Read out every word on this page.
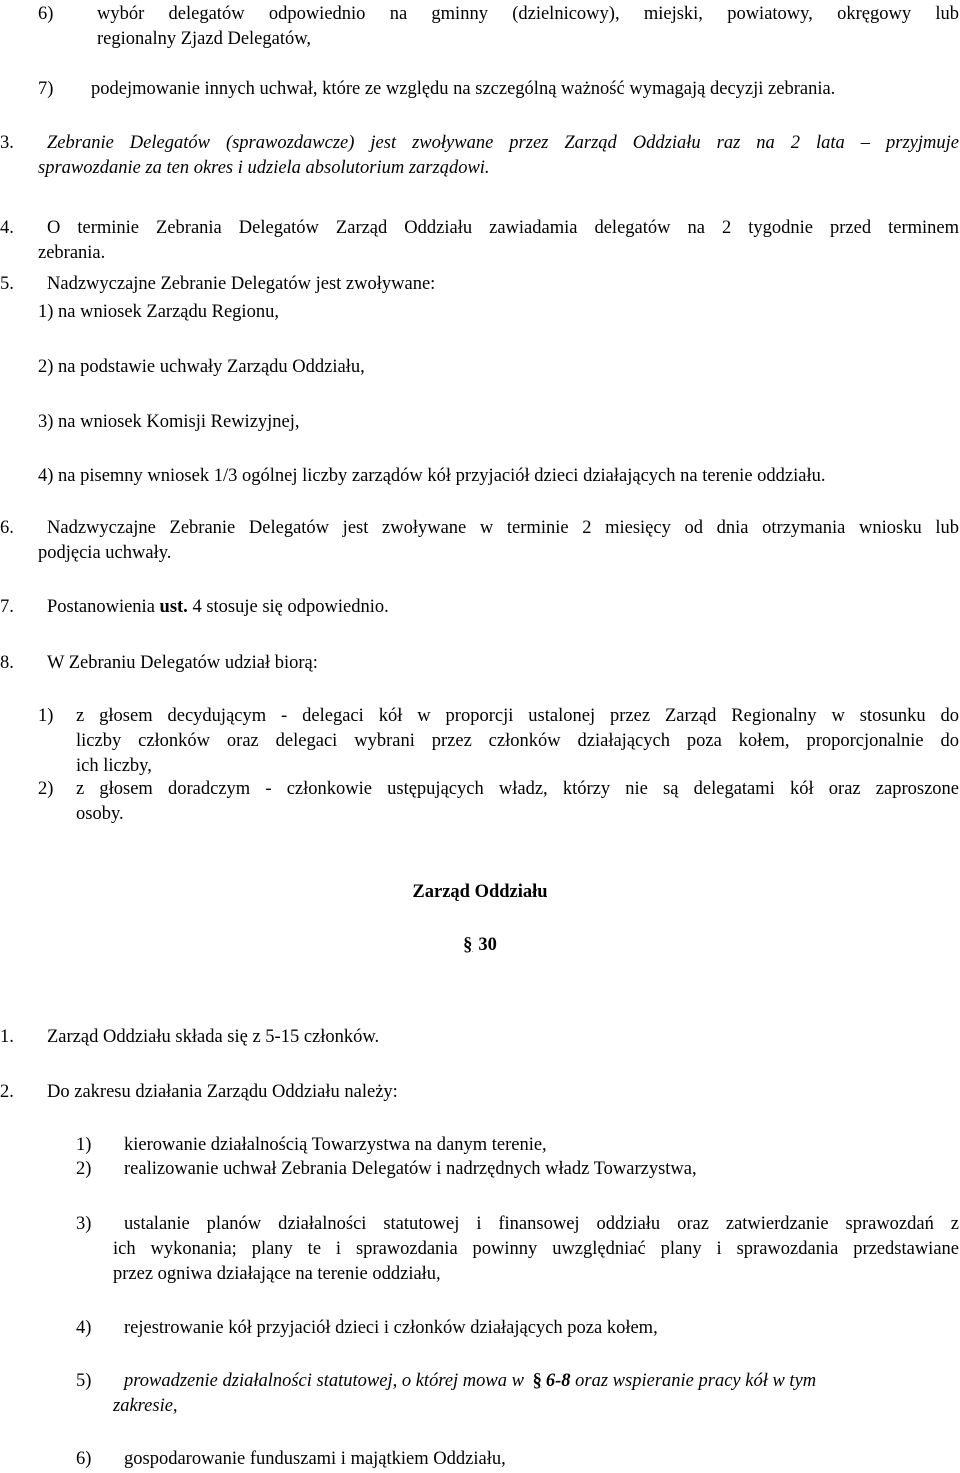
6) wybór delegatów odpowiednio na gminny (dzielnicowy), miejski, powiatowy, okręgowy lub
regionalny Zjazd Delegatów,
7) podejmowanie innych uchwał, które ze względu na szczególną ważność wymagają decyzji zebrania.
3. Zebranie Delegatów (sprawozdawcze) jest zwoływane przez Zarząd Oddziału raz na 2 lata – przyjmuje
sprawozdanie za ten okres i udziela absolutorium zarządowi.
4. O terminie Zebrania Delegatów Zarząd Oddziału zawiadamia delegatów na 2 tygodnie przed terminem
zebrania.
5. Nadzwyczajne Zebranie Delegatów jest zwoływane:
1) na wniosek Zarządu Regionu,
2) na podstawie uchwały Zarządu Oddziału,
3) na wniosek Komisji Rewizyjnej,
4) na pisemny wniosek 1/3 ogólnej liczby zarządów kół przyjaciół dzieci działających na terenie oddziału.
6. Nadzwyczajne Zebranie Delegatów jest zwoływane w terminie 2 miesięcy od dnia otrzymania wniosku lub
podjęcia uchwały.
7. Postanowienia ust. 4 stosuje się odpowiednio.
8. W Zebraniu Delegatów udział biorą:
1) z głosem decydującym - delegaci kół w proporcji ustalonej przez Zarząd Regionalny w stosunku do
liczby członków oraz delegaci wybrani przez członków działających poza kołem, proporcjonalnie do
ich liczby,
2) z głosem doradczym - członkowie ustępujących władz, którzy nie są delegatami kół oraz zaproszone
osoby.
Zarząd Oddziału
§ 30
1. Zarząd Oddziału składa się z 5-15 członków.
2. Do zakresu działania Zarządu Oddziału należy:
1) kierowanie działalnością Towarzystwa na danym terenie,
2) realizowanie uchwał Zebrania Delegatów i nadrzędnych władz Towarzystwa,
3) ustalanie planów działalności statutowej i finansowej oddziału oraz zatwierdzanie sprawozdań z
ich wykonania; plany te i sprawozdania powinny uwzględniać plany i sprawozdania przedstawiane
przez ogniwa działające na terenie oddziału,
4) rejestrowanie kół przyjaciół dzieci i członków działających poza kołem,
5) prowadzenie działalności statutowej, o której mowa w § 6-8 oraz wspieranie pracy kół w tym
zakresie,
6) gospodarowanie funduszami i majątkiem Oddziału,
